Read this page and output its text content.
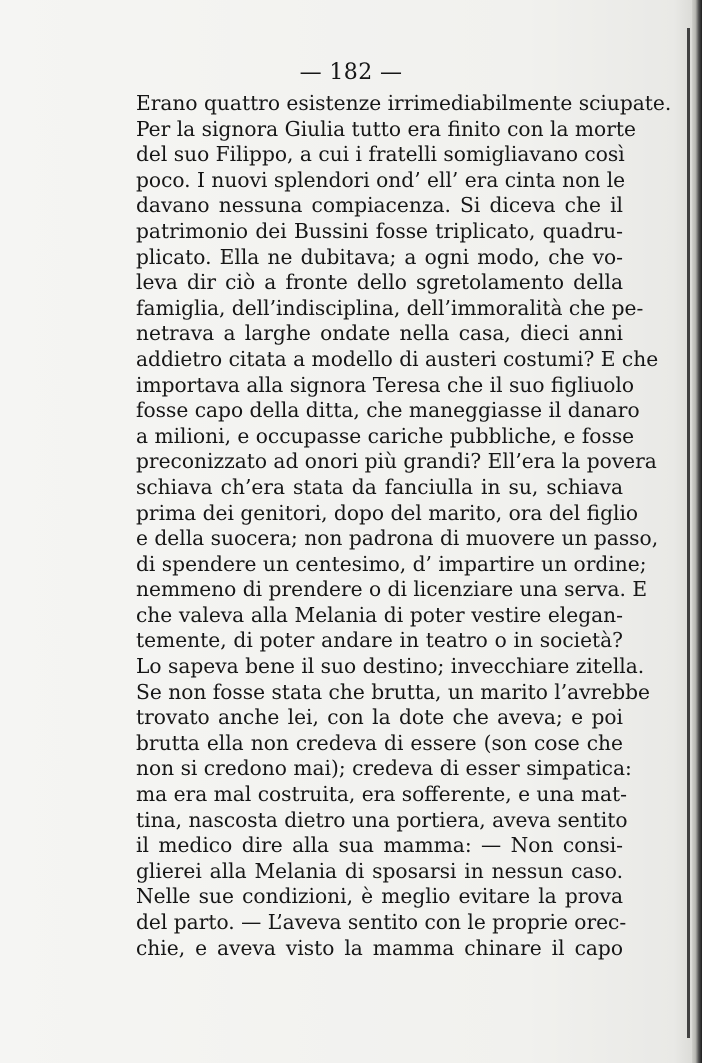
— 182 —
Erano quattro esistenze irrimediabilmente sciupate.
Per la signora Giulia tutto era finito con la morte
del suo Filippo, a cui i fratelli somigliavano così
poco. I nuovi splendori ond’ ell’ era cinta non le
davano nessuna compiacenza. Si diceva che il
patrimonio dei Bussini fosse triplicato, quadru-
plicato. Ella ne dubitava; a ogni modo, che vo-
leva dir ciò a fronte dello sgretolamento della
famiglia, dell’indisciplina, dell’immoralità che pe-
netrava a larghe ondate nella casa, dieci anni
addietro citata a modello di austeri costumi? E che
importava alla signora Teresa che il suo figliuolo
fosse capo della ditta, che maneggiasse il danaro
a milioni, e occupasse cariche pubbliche, e fosse
preconizzato ad onori più grandi? Ell’era la povera
schiava ch’era stata da fanciulla in su, schiava
prima dei genitori, dopo del marito, ora del figlio
e della suocera; non padrona di muovere un passo,
di spendere un centesimo, d’ impartire un ordine;
nemmeno di prendere o di licenziare una serva. E
che valeva alla Melania di poter vestire elegan-
temente, di poter andare in teatro o in società?
Lo sapeva bene il suo destino; invecchiare zitella.
Se non fosse stata che brutta, un marito l’avrebbe
trovato anche lei, con la dote che aveva; e poi
brutta ella non credeva di essere (son cose che
non si credono mai); credeva di esser simpatica:
ma era mal costruita, era sofferente, e una mat-
tina, nascosta dietro una portiera, aveva sentito
il medico dire alla sua mamma: — Non consi-
glierei alla Melania di sposarsi in nessun caso.
Nelle sue condizioni, è meglio evitare la prova
del parto. — L’aveva sentito con le proprie orec-
chie, e aveva visto la mamma chinare il capo
